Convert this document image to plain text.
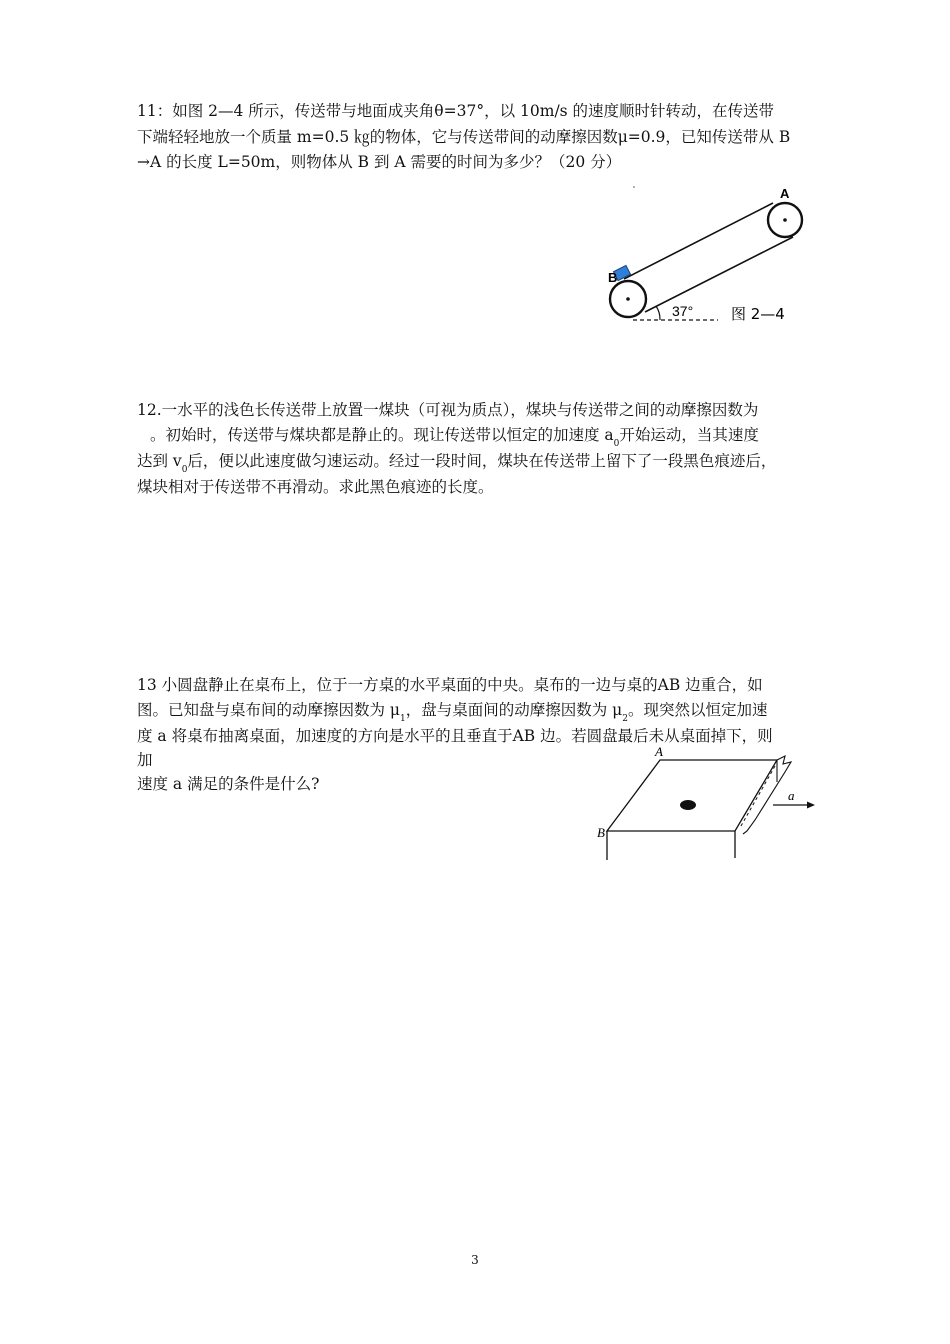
11：如图 2—4 所示，传送带与地面成夹角θ=37°，以 10m/s 的速度顺时针转动，在传送带
下端轻轻地放一个质量 m=0.5 ㎏的物体，它与传送带间的动摩擦因数μ=0.9，已知传送带从 B
→A 的长度 L=50m，则物体从 B 到 A 需要的时间为多少？（20 分）
B
A
37°	图 2—4
12.一水平的浅色长传送带上放置一煤块（可视为质点），煤块与传送带之间的动摩擦因数为
。初始时，传送带与煤块都是静止的。现让传送带以恒定的加速度 $a_0$开始运动，当其速度
达到 $v_0$后，便以此速度做匀速运动。经过一段时间，煤块在传送带上留下了一段黑色痕迹后，
煤块相对于传送带不再滑动。求此黑色痕迹的长度。
13 小圆盘静止在桌布上，位于一方桌的水平桌面的中央。桌布的一边与桌的AB 边重合，如
图。已知盘与桌布间的动摩擦因数为 $\mu_1$，盘与桌面间的动摩擦因数为 $\mu_2$。现突然以恒定加速
度 a 将桌布抽离桌面，加速度的方向是水平的且垂直于AB 边。若圆盘最后未从桌面掉下，则
加
速度 a 满足的条件是什么?
A
B
a
3
